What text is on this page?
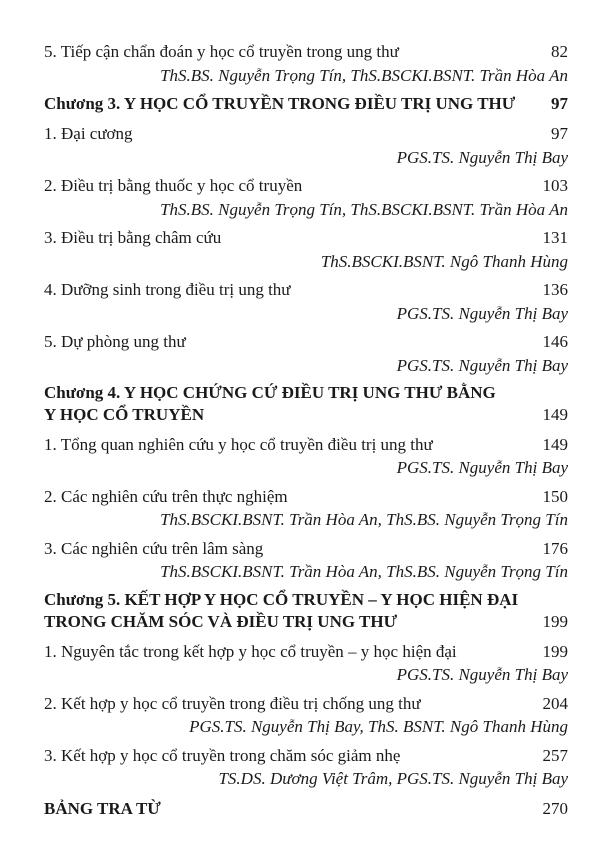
5. Tiếp cận chẩn đoán y học cổ truyền trong ung thư	82
ThS.BS. Nguyễn Trọng Tín, ThS.BSCKI.BSNT. Trần Hòa An
Chương 3. Y HỌC CỔ TRUYỀN TRONG ĐIỀU TRỊ UNG THƯ 97
1. Đại cương	97
PGS.TS. Nguyễn Thị Bay
2. Điều trị bằng thuốc y học cổ truyền	103
ThS.BS. Nguyễn Trọng Tín, ThS.BSCKI.BSNT. Trần Hòa An
3. Điều trị bằng châm cứu	131
ThS.BSCKI.BSNT. Ngô Thanh Hùng
4. Dưỡng sinh trong điều trị ung thư	136
PGS.TS. Nguyễn Thị Bay
5. Dự phòng ung thư	146
PGS.TS. Nguyễn Thị Bay
Chương 4. Y HỌC CHỨNG CỨ ĐIỀU TRỊ UNG THƯ BẰNG
Y HỌC CỔ TRUYỀN	149
1. Tổng quan nghiên cứu y học cổ truyền điều trị ung thư	149
PGS.TS. Nguyễn Thị Bay
2. Các nghiên cứu trên thực nghiệm	150
ThS.BSCKI.BSNT. Trần Hòa An, ThS.BS. Nguyễn Trọng Tín
3. Các nghiên cứu trên lâm sàng	176
ThS.BSCKI.BSNT. Trần Hòa An, ThS.BS. Nguyễn Trọng Tín
Chương 5. KẾT HỢP Y HỌC CỔ TRUYỀN – Y HỌC HIỆN ĐẠI
TRONG CHĂM SÓC VÀ ĐIỀU TRỊ UNG THƯ	199
1. Nguyên tắc trong kết hợp y học cổ truyền – y học hiện đại	199
PGS.TS. Nguyễn Thị Bay
2. Kết hợp y học cổ truyền trong điều trị chống ung thư	204
PGS.TS. Nguyễn Thị Bay, ThS. BSNT. Ngô Thanh Hùng
3. Kết hợp y học cổ truyền trong chăm sóc giảm nhẹ	257
TS.DS. Dương Việt Trâm, PGS.TS. Nguyễn Thị Bay
BẢNG TRA TỪ	270
